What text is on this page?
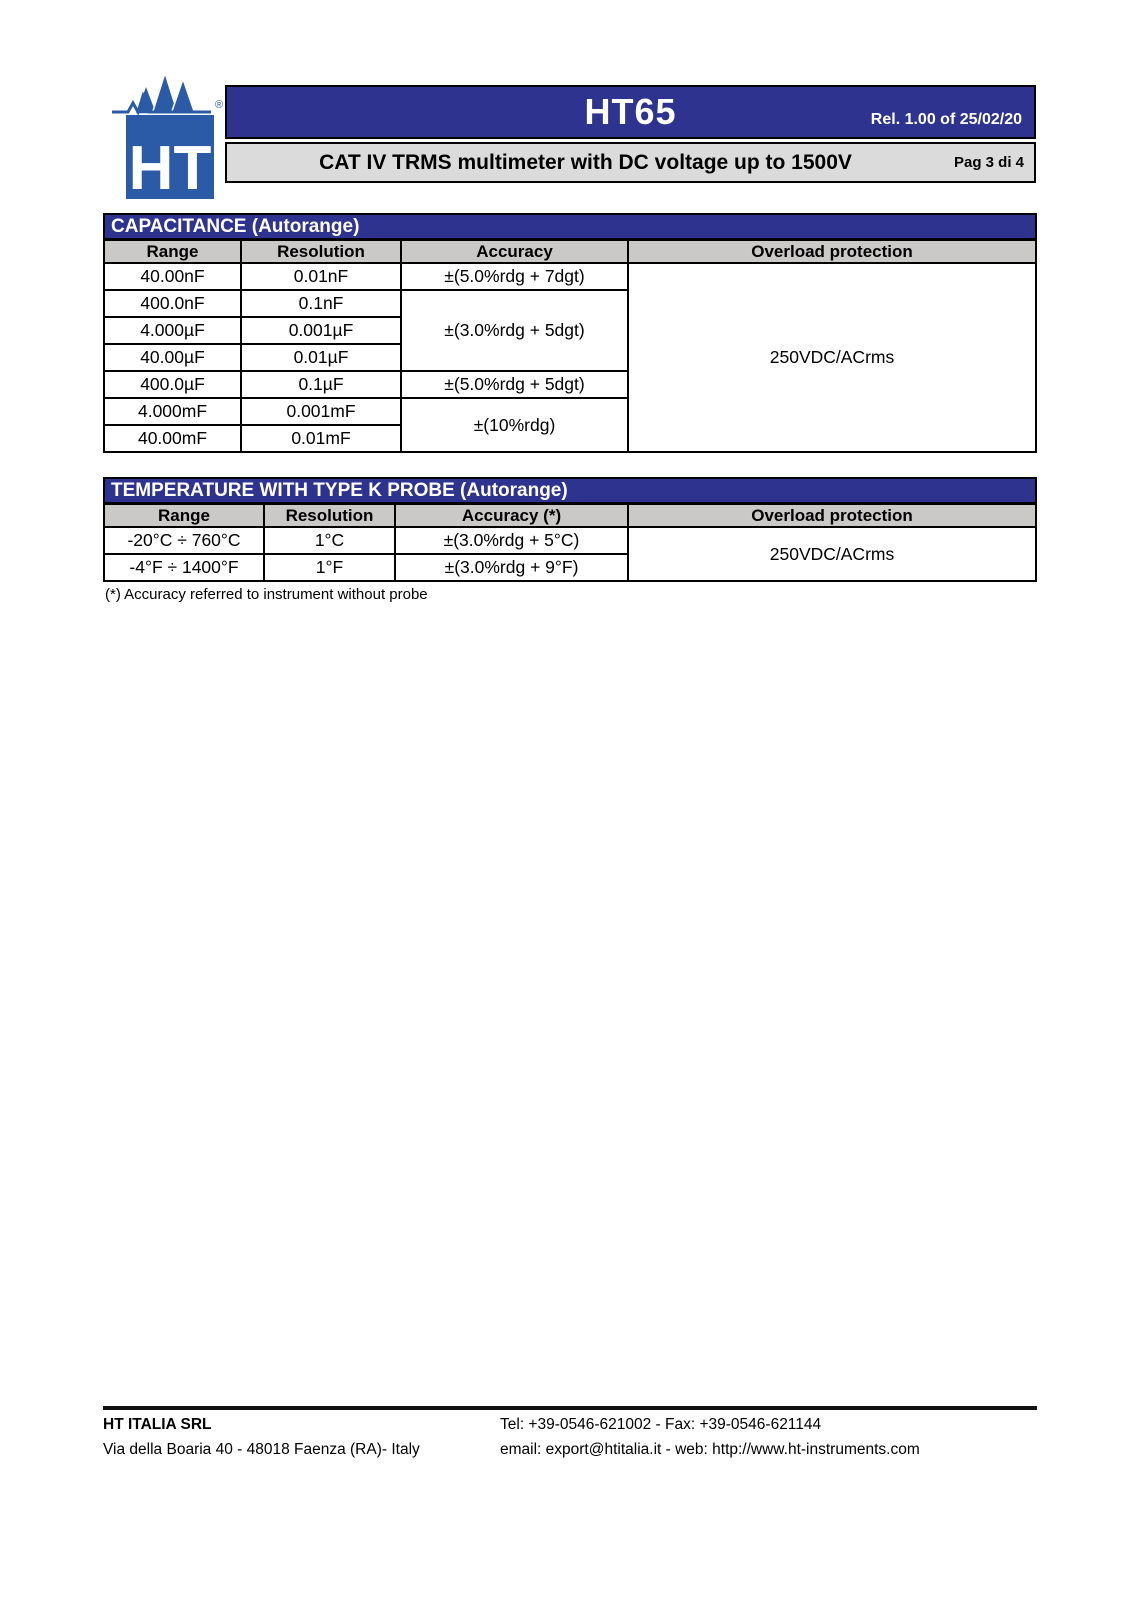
®
HT
HT65	Rel. 1.00 of 25/02/20
CAT IV TRMS multimeter with DC voltage up to 1500V	Pag 3 di 4
CAPACITANCE (Autorange)
Range	Resolution	Accuracy	Overload protection
40.00nF	0.01nF	±(5.0%rdg + 7dgt)	250VDC/ACrms
400.0nF	0.1nF	±(3.0%rdg + 5dgt)	
4.000µF	0.001µF		
40.00µF	0.01µF		
400.0µF	0.1µF	±(5.0%rdg + 5dgt)	
4.000mF	0.001mF	±(10%rdg)	
40.00mF	0.01mF		
TEMPERATURE WITH TYPE K PROBE (Autorange)
Range	Resolution	Accuracy (*)	Overload protection
-20°C ÷ 760°C	1°C	±(3.0%rdg + 5°C)	250VDC/ACrms
-4°F ÷ 1400°F	1°F	±(3.0%rdg + 9°F)	
(*) Accuracy referred to instrument without probe
HT ITALIA SRL
Via della Boaria 40 - 48018 Faenza (RA)- Italy
Tel: +39-0546-621002 - Fax: +39-0546-621144
email: export@htitalia.it - web: http://www.ht-instruments.com
